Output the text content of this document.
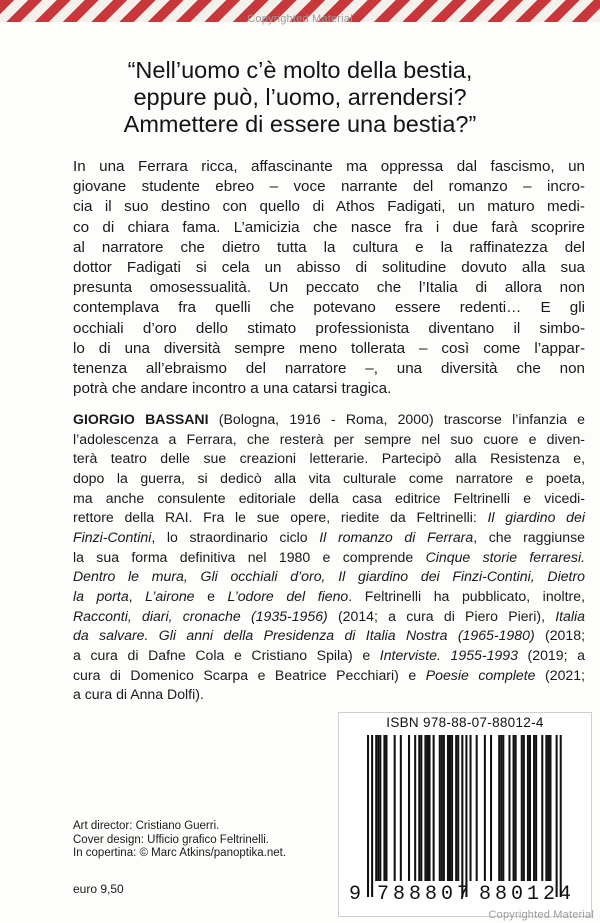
Copyrighted Material
“Nell’uomo c’è molto della bestia,
eppure può, l’uomo, arrendersi?
Ammettere di essere una bestia?”
In una Ferrara ricca, affascinante ma oppressa dal fascismo, un
giovane studente ebreo – voce narrante del romanzo – incro-
cia il suo destino con quello di Athos Fadigati, un maturo medi-
co di chiara fama. L’amicizia che nasce fra i due farà scoprire
al narratore che dietro tutta la cultura e la raffinatezza del
dottor Fadigati si cela un abisso di solitudine dovuto alla sua
presunta omosessualità. Un peccato che l’Italia di allora non
contemplava fra quelli che potevano essere redenti… E gli
occhiali d’oro dello stimato professionista diventano il simbo-
lo di una diversità sempre meno tollerata – così come l’appar-
tenenza all’ebraismo del narratore –, una diversità che non
potrà che andare incontro a una catarsi tragica.
GIORGIO BASSANI (Bologna, 1916 - Roma, 2000) trascorse l’infanzia e
l’adolescenza a Ferrara, che resterà per sempre nel suo cuore e diven-
terà teatro delle sue creazioni letterarie. Partecipò alla Resistenza e,
dopo la guerra, si dedicò alla vita culturale come narratore e poeta,
ma anche consulente editoriale della casa editrice Feltrinelli e vicedi-
rettore della RAI. Fra le sue opere, riedite da Feltrinelli: Il giardino dei
Finzi-Contini, lo straordinario ciclo Il romanzo di Ferrara, che raggiunse
la sua forma definitiva nel 1980 e comprende Cinque storie ferraresi.
Dentro le mura, Gli occhiali d’oro, Il giardino dei Finzi-Contini, Dietro
la porta, L’airone e L’odore del fieno. Feltrinelli ha pubblicato, inoltre,
Racconti, diari, cronache (1935-1956) (2014; a cura di Piero Pieri), Italia
da salvare. Gli anni della Presidenza di Italia Nostra (1965-1980) (2018;
a cura di Dafne Cola e Cristiano Spila) e Interviste. 1955-1993 (2019; a
cura di Domenico Scarpa e Beatrice Pecchiari) e Poesie complete (2021;
a cura di Anna Dolfi).
Art director: Cristiano Guerri.
Cover design: Ufficio grafico Feltrinelli.
In copertina: © Marc Atkins/panoptika.net.
euro 9,50
ISBN 978-88-07-88012-4
9 788807 880124
Copyrighted Material
